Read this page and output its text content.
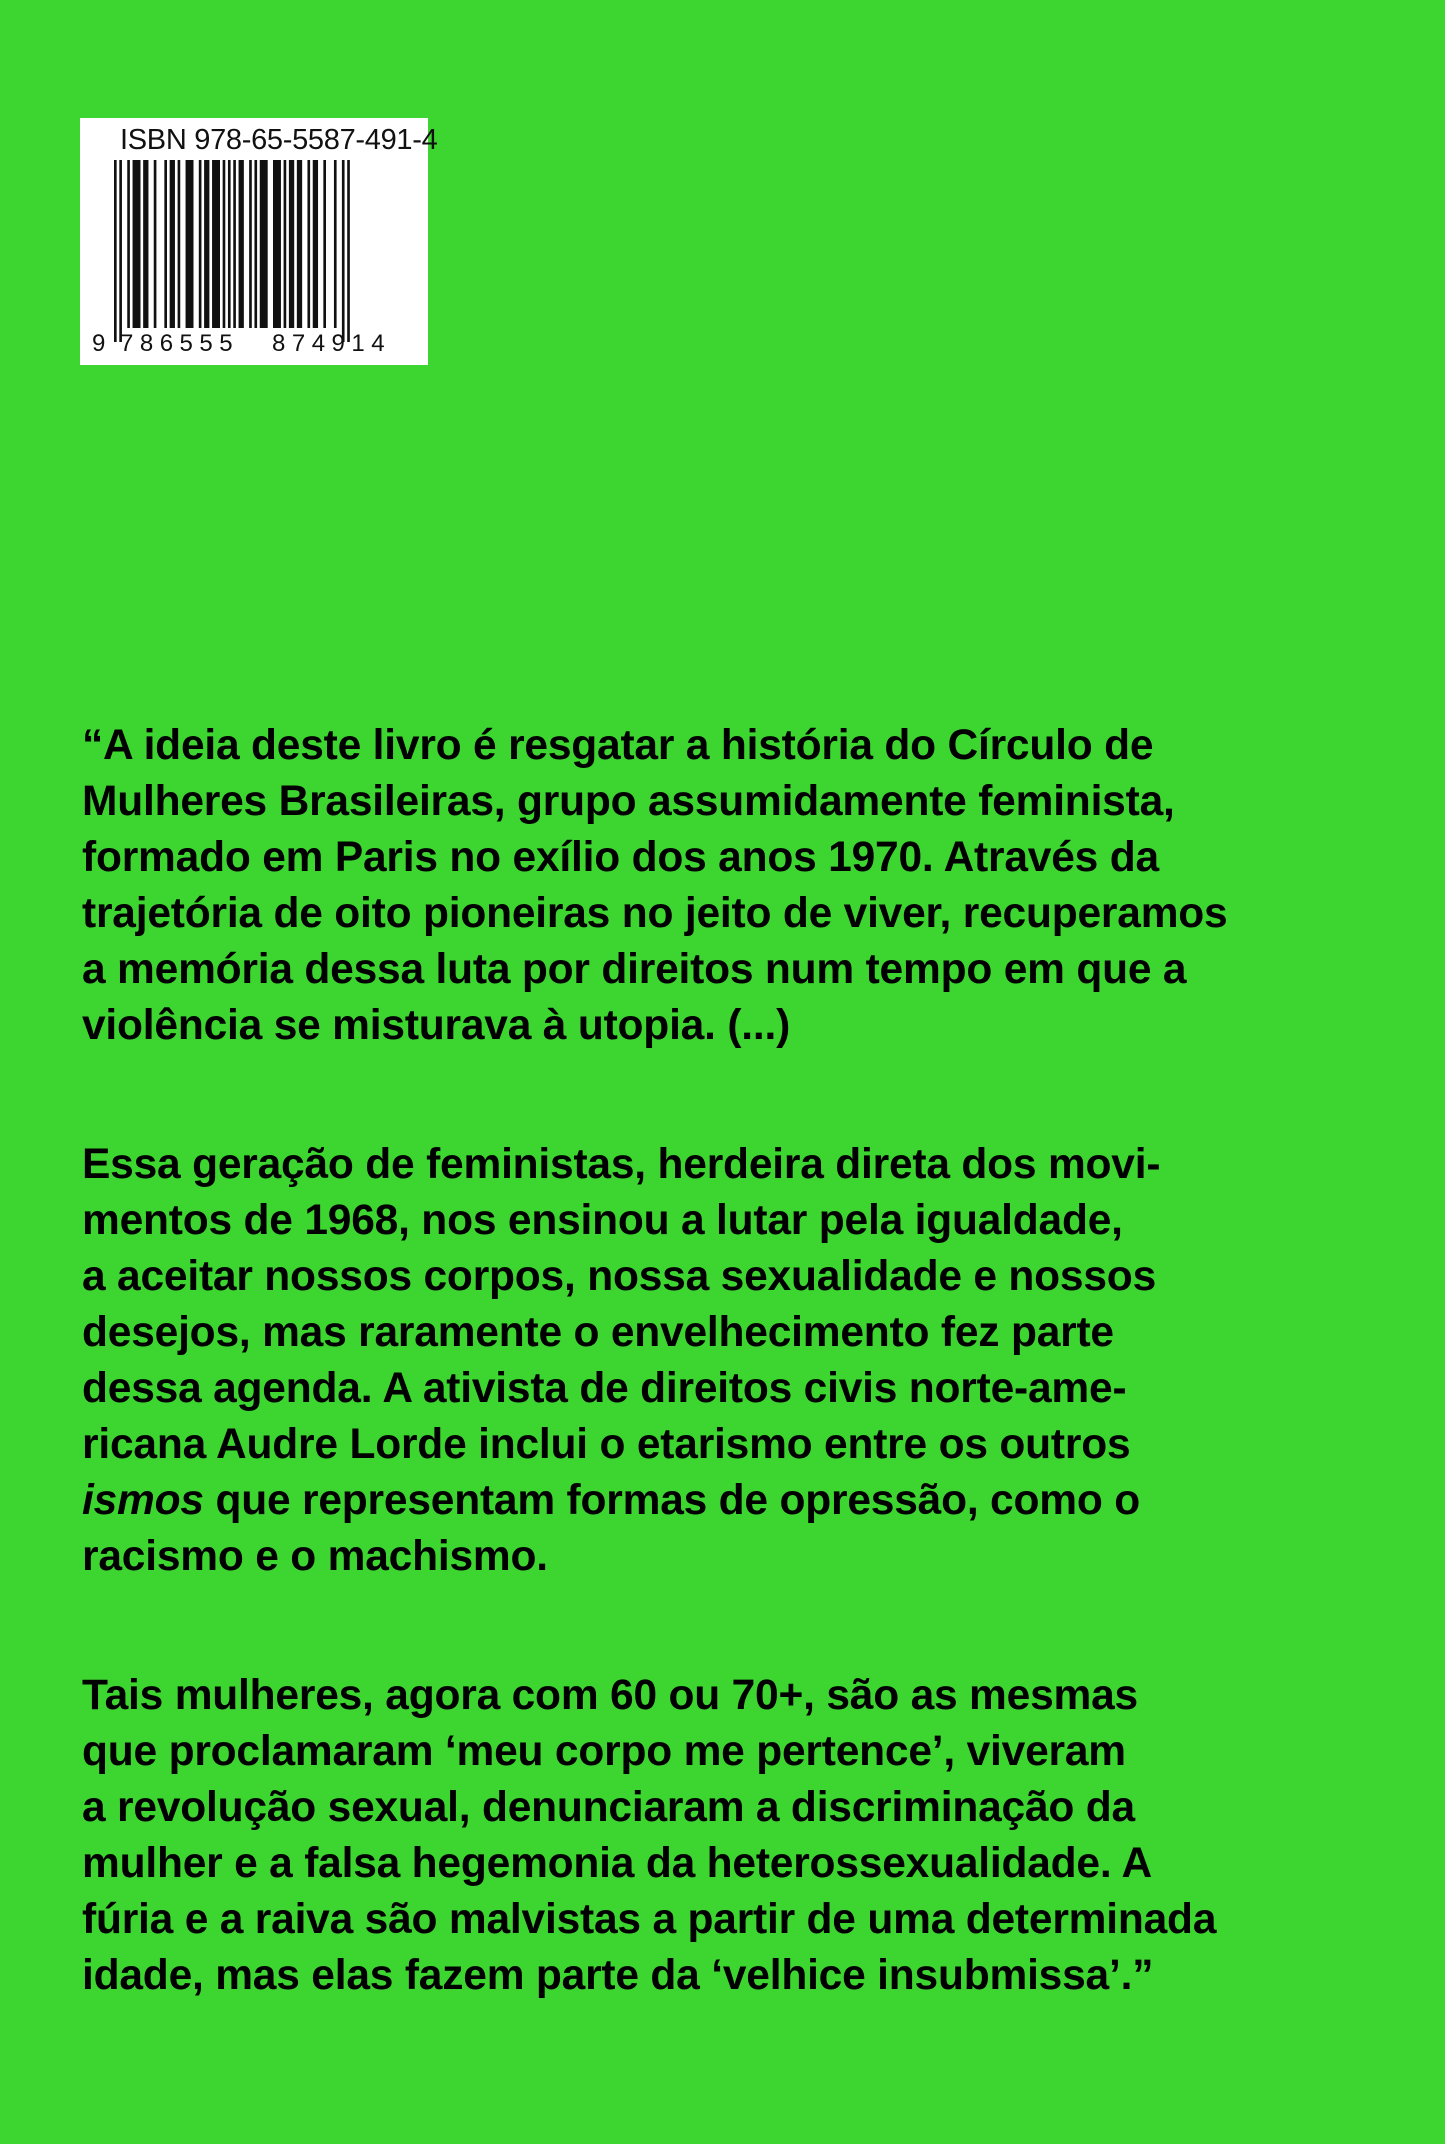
ISBN 978-65-5587-491-4
9 786555 874914
“A ideia deste livro é resgatar a história do Círculo de
Mulheres Brasileiras, grupo assumidamente feminista,
formado em Paris no exílio dos anos 1970. Através da
trajetória de oito pioneiras no jeito de viver, recuperamos
a memória dessa luta por direitos num tempo em que a
violência se misturava à utopia. (...)
Essa geração de feministas, herdeira direta dos movi-
mentos de 1968, nos ensinou a lutar pela igualdade,
a aceitar nossos corpos, nossa sexualidade e nossos
desejos, mas raramente o envelhecimento fez parte
dessa agenda. A ativista de direitos civis norte-ame-
ricana Audre Lorde inclui o etarismo entre os outros
ismos que representam formas de opressão, como o
racismo e o machismo.
Tais mulheres, agora com 60 ou 70+, são as mesmas
que proclamaram ‘meu corpo me pertence’, viveram
a revolução sexual, denunciaram a discriminação da
mulher e a falsa hegemonia da heterossexualidade. A
fúria e a raiva são malvistas a partir de uma determinada
idade, mas elas fazem parte da ‘velhice insubmissa’.”
